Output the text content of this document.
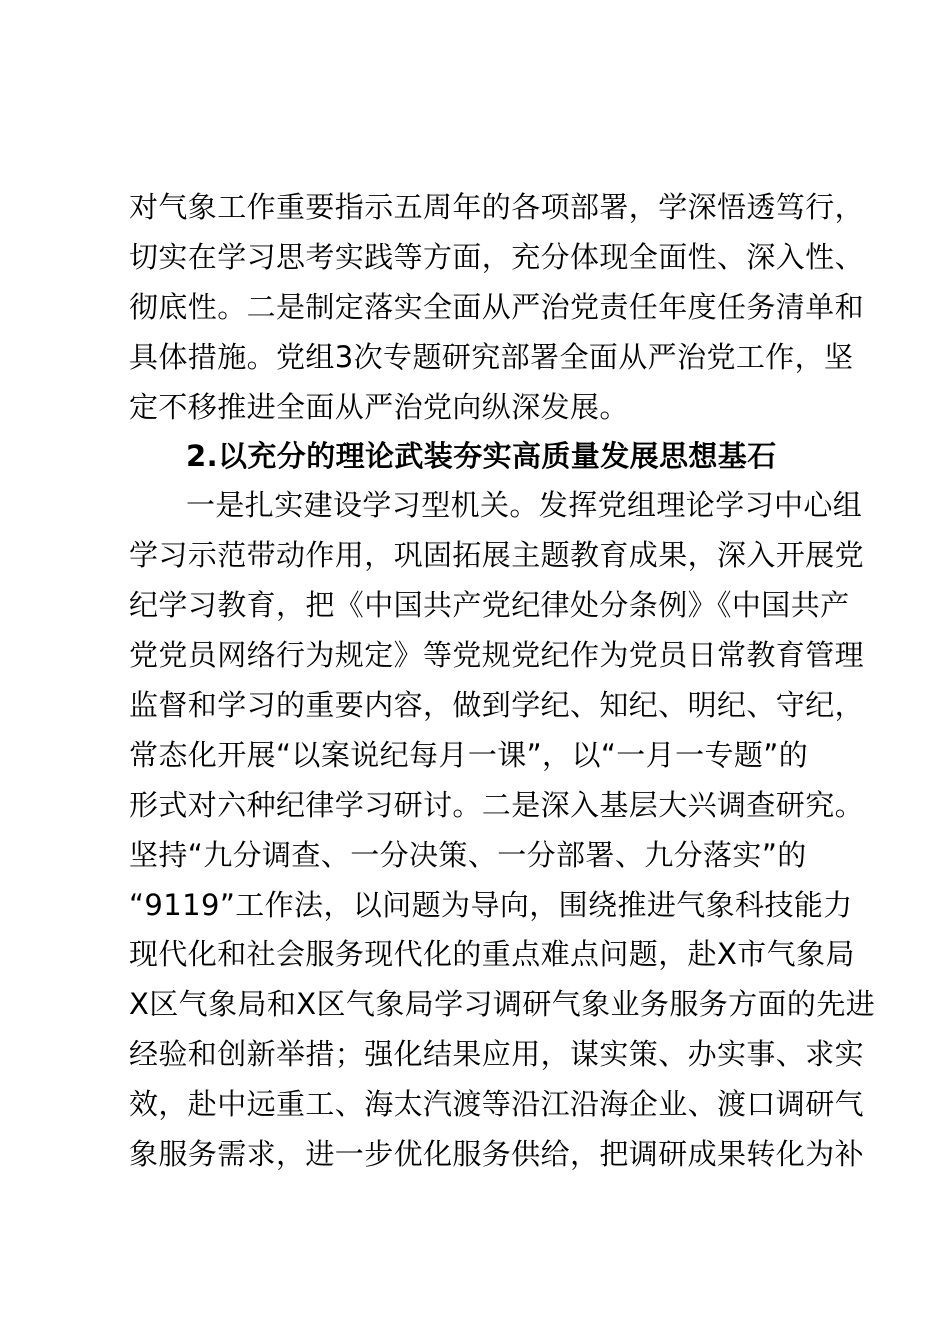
对气象工作重要指示五周年的各项部署，学深悟透笃行，
切实在学习思考实践等方面，充分体现全面性、深入性、
彻底性。二是制定落实全面从严治党责任年度任务清单和
具体措施。党组3次专题研究部署全面从严治党工作，坚
定不移推进全面从严治党向纵深发展。
2.以充分的理论武装夯实高质量发展思想基石
一是扎实建设学习型机关。发挥党组理论学习中心组
学习示范带动作用，巩固拓展主题教育成果，深入开展党
纪学习教育，把《中国共产党纪律处分条例》《中国共产
党党员网络行为规定》等党规党纪作为党员日常教育管理
监督和学习的重要内容，做到学纪、知纪、明纪、守纪，
常态化开展“以案说纪每月一课”，以“一月一专题”的
形式对六种纪律学习研讨。二是深入基层大兴调查研究。
坚持“九分调查、一分决策、一分部署、九分落实”的
“9119”工作法，以问题为导向，围绕推进气象科技能力
现代化和社会服务现代化的重点难点问题，赴X市气象局
X区气象局和X区气象局学习调研气象业务服务方面的先进
经验和创新举措；强化结果应用，谋实策、办实事、求实
效，赴中远重工、海太汽渡等沿江沿海企业、渡口调研气
象服务需求，进一步优化服务供给，把调研成果转化为补
